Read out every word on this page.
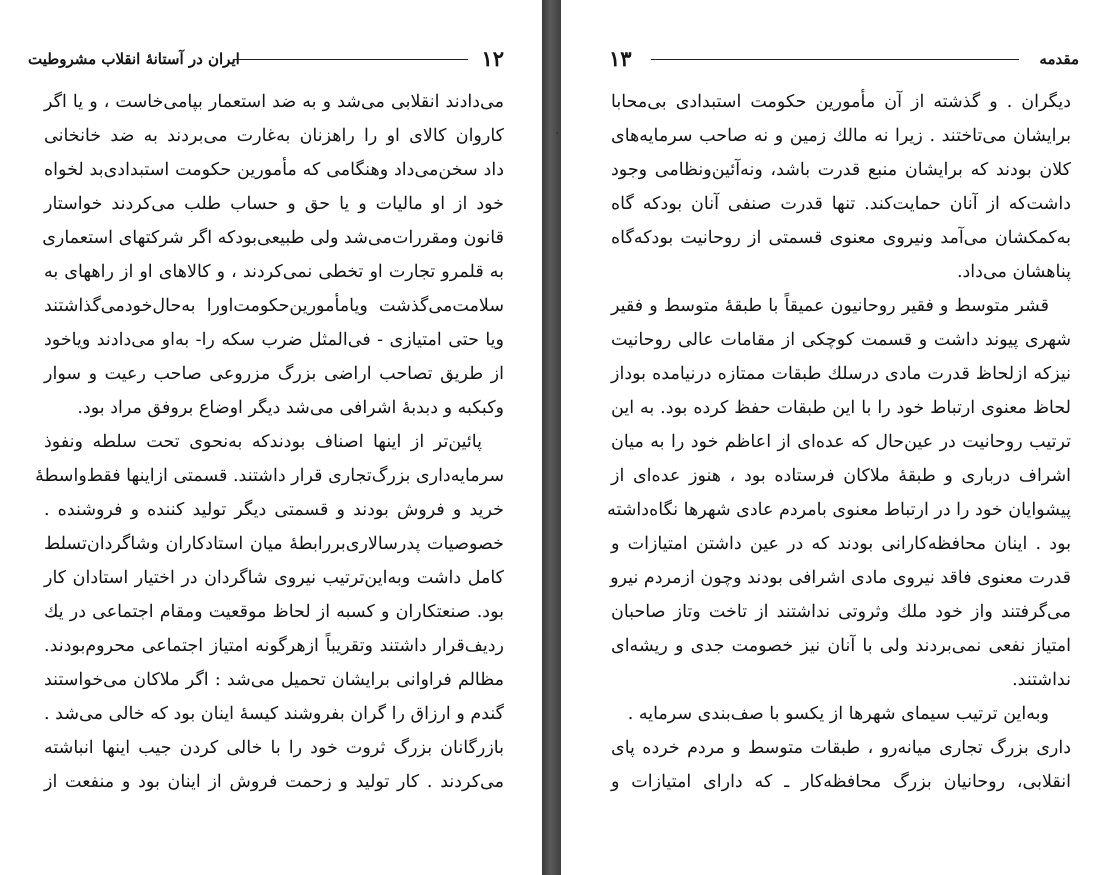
ایران در آستانهٔ انقلاب مشروطیت	۱۲
می‌دادند انقلابی می‌شد و به ضد استعمار بپامی‌خاست ، و یا اگر
کاروان کالای او را راهزنان به‌غارت می‌بردند به ضد خانخانی
داد سخن‌می‌داد وهنگامی که مأمورین حکومت استبدادی‌بد لخواه
خود از او مالیات و یا حق و حساب طلب می‌کردند خواستار
قانون ومقررات‌می‌شد ولی طبیعی‌بودکه اگر شرکتهای استعماری
به قلمرو تجارت او تخطی نمی‌کردند ، و کالاهای او از راههای به
سلامت‌می‌گذشت ویامأمورین‌حکومت‌اورا به‌حال‌خودمی‌گذاشتند
ویا حتی امتیازی - فی‌المثل ضرب سکه را- به‌او می‌دادند ویاخود
از طریق تصاحب اراضی بزرگ مزروعی صاحب رعیت و سوار
وکبکبه و دبدبهٔ اشرافی می‌شد دیگر اوضاع بروفق مراد بود.
پائین‌تر از اینها اصناف بودندکه به‌نحوی تحت سلطه ونفوذ
سرمایه‌داری بزرگ‌تجاری قرار داشتند. قسمتی ازاینها فقط‌واسطهٔ
خرید و فروش بودند و قسمتی دیگر تولید کننده و فروشنده .
خصوصیات پدرسالاری‌بررابطهٔ میان استادکاران وشاگردان‌تسلط
کامل داشت وبه‌این‌ترتیب نیروی شاگردان در اختیار استادان کار
بود. صنعتکاران و کسبه از لحاظ موقعیت ومقام اجتماعی در یك
ردیف‌قرار داشتند وتقریباً ازهرگونه امتیاز اجتماعی محروم‌بودند.
مظالم فراوانی برایشان تحمیل می‌شد : اگر ملاکان می‌خواستند
گندم و ارزاق را گران بفروشند کیسهٔ اینان بود که خالی می‌شد .
بازرگانان بزرگ ثروت خود را با خالی کردن جیب اینها انباشته
می‌کردند . کار تولید و زحمت فروش از اینان بود و منفعت از
·
۱۳	مقدمه
دیگران . و گذشته از آن مأمورین حکومت استبدادی بی‌محابا
برایشان می‌تاختند . زیرا نه مالك زمین و نه صاحب سرمایه‌های
کلان بودند که برایشان منبع قدرت باشد، ونه‌آئین‌ونظامی وجود
داشت‌که از آنان حمایت‌کند. تنها قدرت صنفی آنان بودکه گاه
به‌کمکشان می‌آمد ونیروی معنوی قسمتی از روحانیت بودکه‌گاه
پناهشان می‌داد.
قشر متوسط و فقیر روحانیون عمیقاً با طبقهٔ متوسط و فقیر
شهری پیوند داشت و قسمت کوچکی از مقامات عالی روحانیت
نیزکه ازلحاظ قدرت مادی درسلك طبقات ممتازه درنیامده بوداز
لحاظ معنوی ارتباط خود را با این طبقات حفظ کرده بود. به این
ترتیب روحانیت در عین‌حال که عده‌ای از اعاظم خود را به میان
اشراف درباری و طبقهٔ ملاکان فرستاده بود ، هنوز عده‌ای از
پیشوایان خود را در ارتباط معنوی بامردم عادی شهرها نگاه‌داشته
بود . اینان محافظه‌کارانی بودند که در عین داشتن امتیازات و
قدرت معنوی فاقد نیروی مادی اشرافی بودند وچون ازمردم نیرو
می‌گرفتند واز خود ملك وثروتی نداشتند از تاخت وتاز صاحبان
امتیاز نفعی نمی‌بردند ولی با آنان نیز خصومت جدی و ریشه‌ای
نداشتند.
وبه‌این ترتیب سیمای شهرها از یکسو با صف‌بندی سرمایه .
داری بزرگ تجاری میانه‌رو ، طبقات متوسط و مردم خرده پای
انقلابی، روحانیان بزرگ محافظه‌کار ـ که دارای امتیازات و
